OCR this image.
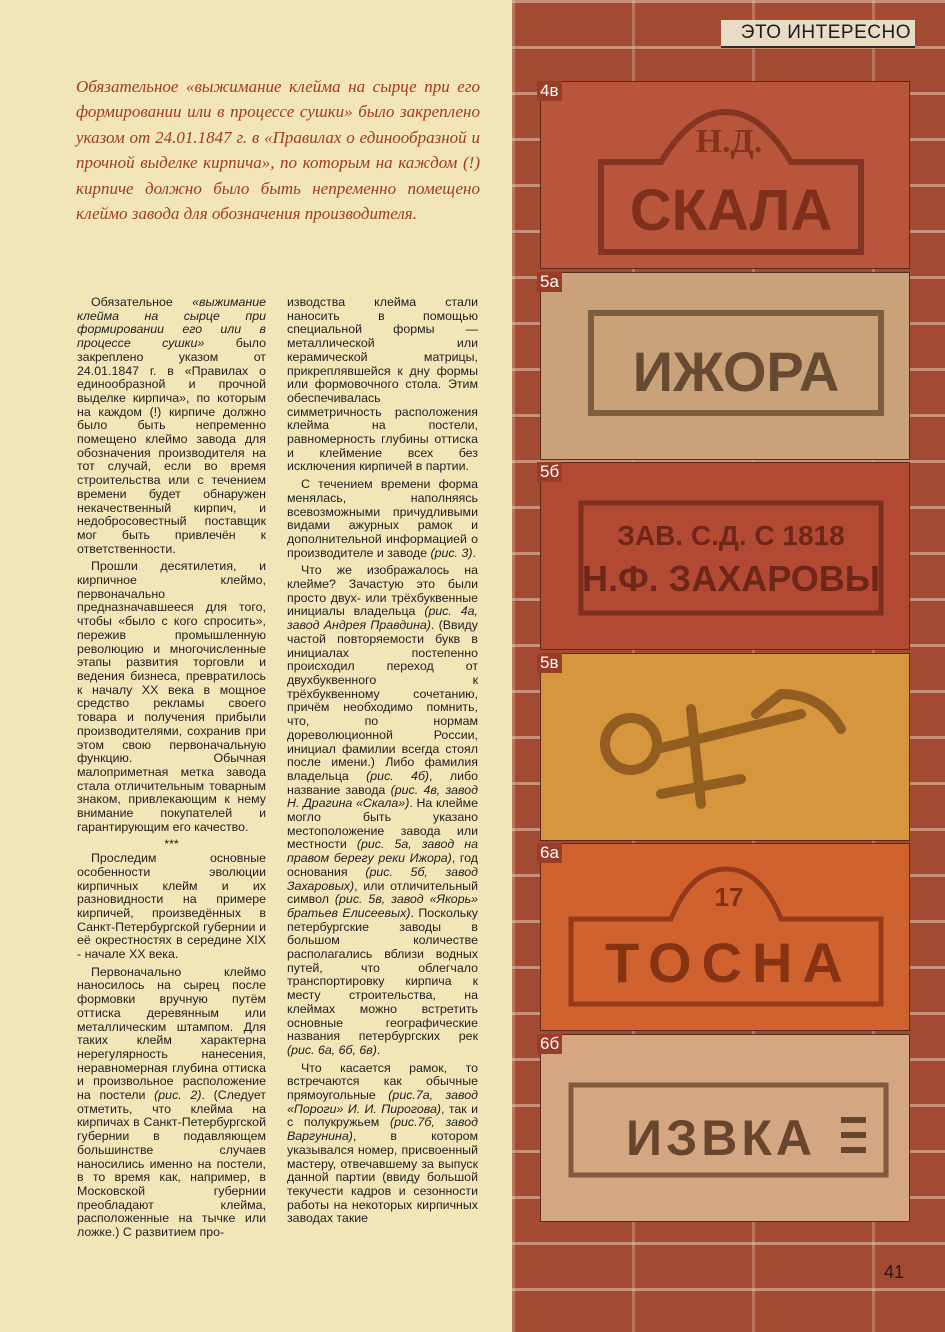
ЭТО ИНТЕРЕСНО

Обязательное «выжимание клейма на сырце при его формировании или в процессе сушки» было закреплено указом от 24.01.1847 г. в «Правилах о единообразной и прочной выделке кирпича», по которым на каждом (!) кирпиче должно было быть непременно помещено клеймо завода для обозначения производителя.

Обязательное «выжимание клейма на сырце при формировании его или в процессе сушки» было закреплено указом от 24.01.1847 г. в «Правилах о единообразной и прочной выделке кирпича», по которым на каждом (!) кирпиче должно было быть непременно помещено клеймо завода для обозначения производителя на тот случай, если во время строительства или с течением времени будет обнаружен некачественный кирпич, и недобросовестный поставщик мог быть привлечён к ответственности.

Прошли десятилетия, и кирпичное клеймо, первоначально предназначавшееся для того, чтобы «было с кого спросить», пережив промышленную революцию и многочисленные этапы развития торговли и ведения бизнеса, превратилось к началу XX века в мощное средство рекламы своего товара и получения прибыли производителями, сохранив при этом свою первоначальную функцию. Обычная малоприметная метка завода стала отличительным товарным знаком, привлекающим к нему внимание покупателей и гарантирующим его качество.

***

Проследим основные особенности эволюции кирпичных клейм и их разновидности на примере кирпичей, произведённых в Санкт-Петербургской губернии и её окрестностях в середине XIX - начале XX века.

Первоначально клеймо наносилось на сырец после формовки вручную путём оттиска деревянным или металлическим штампом. Для таких клейм характерна нерегулярность нанесения, неравномерная глубина оттиска и произвольное расположение на постели (рис. 2). (Следует отметить, что клейма на кирпичах в Санкт-Петербургской губернии в подавляющем большинстве случаев наносились именно на постели, в то время как, например, в Московской губернии преобладают клейма, расположенные на тычке или ложке.) С развитием про-

изводства клейма стали наносить в помощью специальной формы — металлической или керамической матрицы, прикреплявшейся к дну формы или формовочного стола. Этим обеспечивалась симметричность расположения клейма на постели, равномерность глубины оттиска и клеймение всех без исключения кирпичей в партии.

С течением времени форма менялась, наполняясь всевозможными причудливыми видами ажурных рамок и дополнительной информацией о производителе и заводе (рис. 3).

Что же изображалось на клейме? Зачастую это были просто двух- или трёхбуквенные инициалы владельца (рис. 4а, завод Андрея Правдина). (Ввиду частой повторяемости букв в инициалах постепенно происходил переход от двухбуквенного к трёхбуквенному сочетанию, причём необходимо помнить, что, по нормам дореволюционной России, инициал фамилии всегда стоял после имени.) Либо фамилия владельца (рис. 4б), либо название завода (рис. 4в, завод Н. Драгина «Скала»). На клейме могло быть указано местоположение завода или местности (рис. 5а, завод на правом берегу реки Ижора), год основания (рис. 5б, завод Захаровых), или отличительный символ (рис. 5в, завод «Якорь» братьев Елисеевых). Поскольку петербургские заводы в большом количестве располагались вблизи водных путей, что облегчало транспортировку кирпича к месту строительства, на клеймах можно встретить основные географические названия петербургских рек (рис. 6а, 6б, 6в).

Что касается рамок, то встречаются как обычные прямоугольные (рис.7а, завод «Пороги» И. И. Пирогова), так и с полукружьем (рис.7б, завод Варгунина), в котором указывался номер, присвоенный мастеру, отвечавшему за выпуск данной партии (ввиду большой текучести кадров и сезонности работы на некоторых кирпичных заводах такие

Н.Д.
СКАЛА
4в
ИЖОРА
5а
ЗАВ. С.Д. С 1818
Н.Ф. ЗАХАРОВЫ
5б
5в
17
ТОСНА
6а
ИЗВКА
6б
41
